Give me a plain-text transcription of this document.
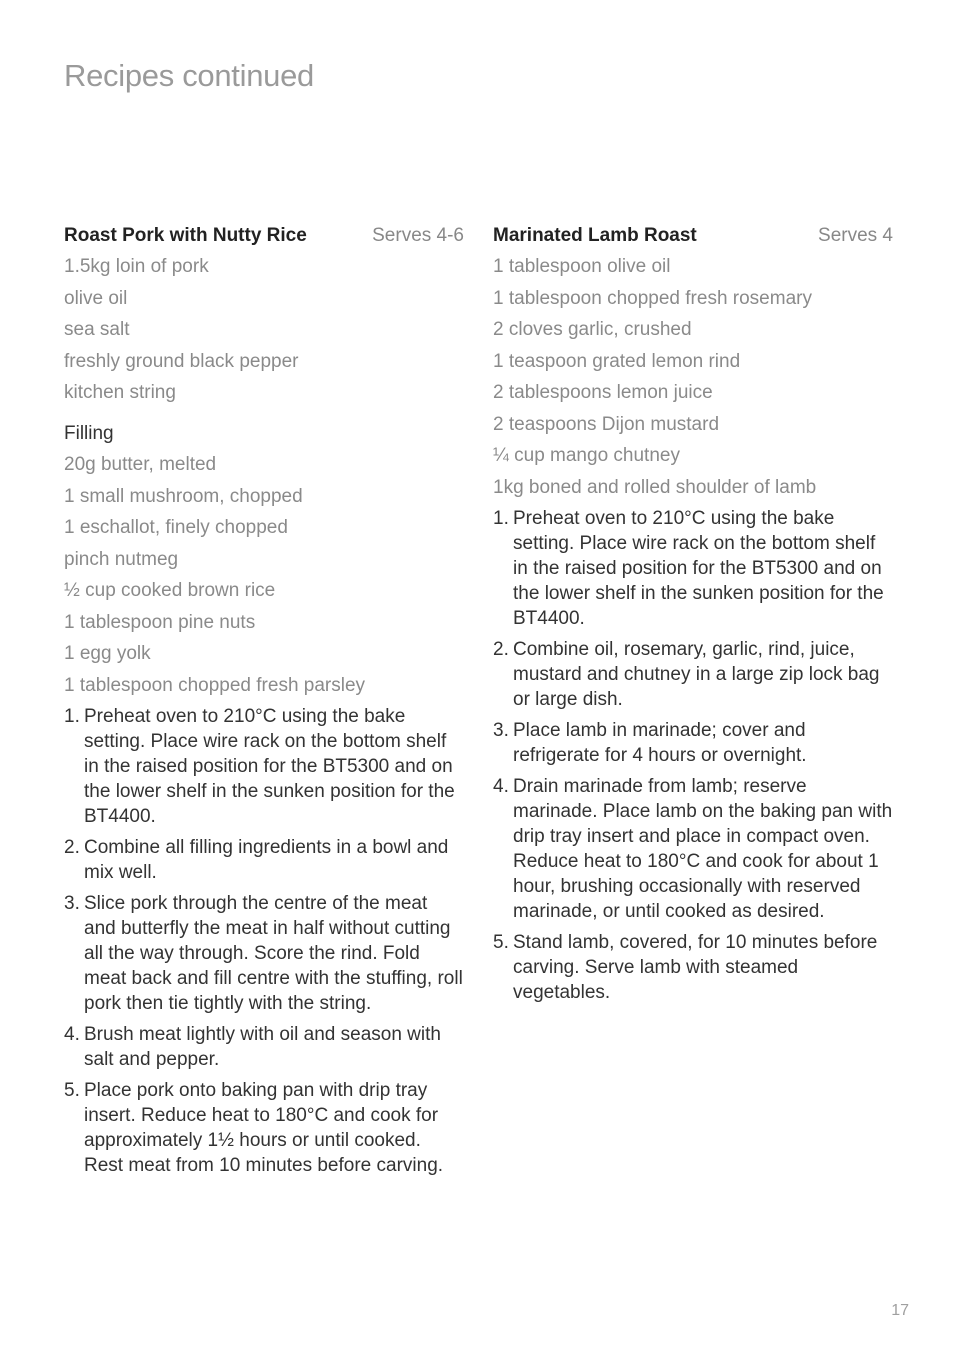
Recipes continued
Roast Pork with Nutty Rice	Serves 4-6
1.5kg loin of pork
olive oil
sea salt
freshly ground black pepper
kitchen string
Filling
20g butter, melted
1 small mushroom, chopped
1 eschallot, finely chopped
pinch nutmeg
½ cup cooked brown rice
1 tablespoon pine nuts
1 egg yolk
1 tablespoon chopped fresh parsley
1. Preheat oven to 210°C using the bake setting. Place wire rack on the bottom shelf in the raised position for the BT5300 and on the lower shelf in the sunken position for the BT4400.
2. Combine all filling ingredients in a bowl and mix well.
3. Slice pork through the centre of the meat and butterfly the meat in half without cutting all the way through. Score the rind. Fold meat back and fill centre with the stuffing, roll pork then tie tightly with the string.
4. Brush meat lightly with oil and season with salt and pepper.
5. Place pork onto baking pan with drip tray insert. Reduce heat to 180°C and cook for approximately 1½ hours or until cooked. Rest meat from 10 minutes before carving.
Marinated Lamb Roast	Serves 4
1 tablespoon olive oil
1 tablespoon chopped fresh rosemary
2 cloves garlic, crushed
1 teaspoon grated lemon rind
2 tablespoons lemon juice
2 teaspoons Dijon mustard
¼ cup mango chutney
1kg boned and rolled shoulder of lamb
1. Preheat oven to 210°C using the bake setting. Place wire rack on the bottom shelf in the raised position for the BT5300 and on the lower shelf in the sunken position for the BT4400.
2. Combine oil, rosemary, garlic, rind, juice, mustard and chutney in a large zip lock bag or large dish.
3. Place lamb in marinade; cover and refrigerate for 4 hours or overnight.
4. Drain marinade from lamb; reserve marinade. Place lamb on the baking pan with drip tray insert and place in compact oven. Reduce heat to 180°C and cook for about 1 hour, brushing occasionally with reserved marinade, or until cooked as desired.
5. Stand lamb, covered, for 10 minutes before carving. Serve lamb with steamed vegetables.
17
